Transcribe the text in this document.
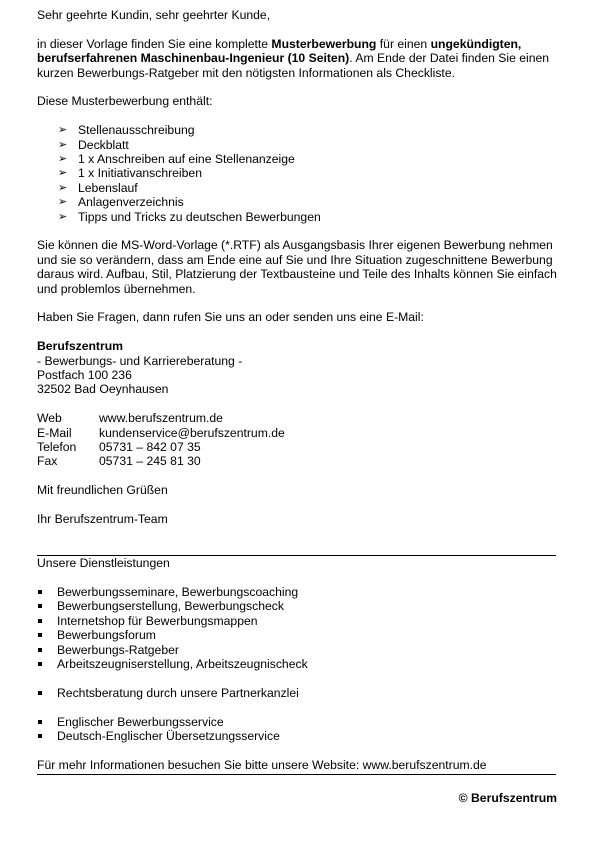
Sehr geehrte Kundin, sehr geehrter Kunde,

in dieser Vorlage finden Sie eine komplette Musterbewerbung für einen ungekündigten, berufserfahrenen Maschinenbau-Ingenieur (10 Seiten). Am Ende der Datei finden Sie einen kurzen Bewerbungs-Ratgeber mit den nötigsten Informationen als Checkliste.

Diese Musterbewerbung enthält:

➢ Stellenausschreibung
➢ Deckblatt
➢ 1 x Anschreiben auf eine Stellenanzeige
➢ 1 x Initiativanschreiben
➢ Lebenslauf
➢ Anlagenverzeichnis
➢ Tipps und Tricks zu deutschen Bewerbungen

Sie können die MS-Word-Vorlage (*.RTF) als Ausgangsbasis Ihrer eigenen Bewerbung nehmen und sie so verändern, dass am Ende eine auf Sie und Ihre Situation zugeschnittene Bewerbung daraus wird. Aufbau, Stil, Platzierung der Textbausteine und Teile des Inhalts können Sie einfach und problemlos übernehmen.

Haben Sie Fragen, dann rufen Sie uns an oder senden uns eine E-Mail:

Berufszentrum

- Bewerbungs- und Karriereberatung -

Postfach 100 236

32502 Bad Oeynhausen

Web	www.berufszentrum.de
E-Mail	kundenservice@berufszentrum.de
Telefon	05731 – 842 07 35
Fax	05731 – 245 81 30

Mit freundlichen Grüßen

Ihr Berufszentrum-Team

Unsere Dienstleistungen

Bewerbungsseminare, Bewerbungscoaching
Bewerbungserstellung, Bewerbungscheck
Internetshop für Bewerbungsmappen
Bewerbungsforum
Bewerbungs-Ratgeber
Arbeitszeugniserstellung, Arbeitszeugnischeck
Rechtsberatung durch unsere Partnerkanzlei
Englischer Bewerbungsservice
Deutsch-Englischer Übersetzungsservice

Für mehr Informationen besuchen Sie bitte unsere Website: www.berufszentrum.de

© Berufszentrum
